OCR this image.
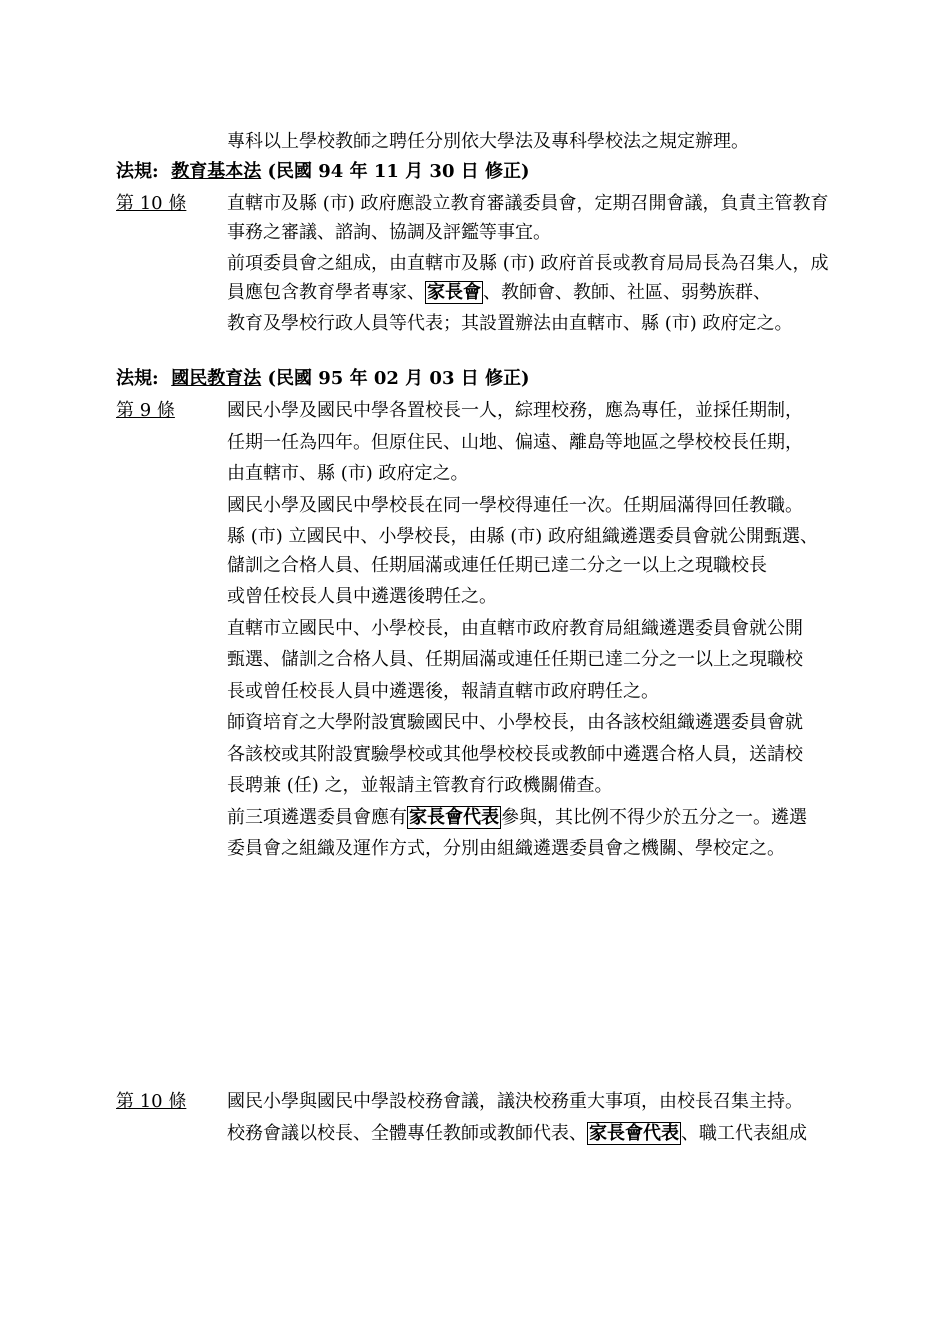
專科以上學校教師之聘任分別依大學法及專科學校法之規定辦理。
法規: 教育基本法 (民國 94 年 11 月 30 日 修正)
第 10 條 直轄市及縣 (市) 政府應設立教育審議委員會，定期召開會議，負責主管教育事務之審議、諮詢、協調及評鑑等事宜。

前項委員會之組成，由直轄市及縣 (市) 政府首長或教育局局長為召集人，成員應包含教育學者專家、 家長會 、教師會、教師、社區、弱勢族群、

教育及學校行政人員等代表；其設置辦法由直轄市、縣 (市) 政府定之。

法規: 國民教育法 (民國 95 年 02 月 03 日 修正)
第 9 條	國民小學及國民中學各置校長一人，綜理校務，應為專任，並採任期制，

任期一任為四年。但原住民、山地、偏遠、離島等地區之學校校長任期，

由直轄市、縣 (市) 政府定之。

國民小學及國民中學校長在同一學校得連任一次。任期屆滿得回任教職。

縣 (市) 立國民中、小學校長，由縣 (市) 政府組織遴選委員會就公開甄選、儲訓之合格人員、任期屆滿或連任任期已達二分之一以上之現職校長

或曾任校長人員中遴選後聘任之。

直轄市立國民中、小學校長，由直轄市政府教育局組織遴選委員會就公開

甄選、儲訓之合格人員、任期屆滿或連任任期已達二分之一以上之現職校

長或曾任校長人員中遴選後，報請直轄市政府聘任之。

師資培育之大學附設實驗國民中、小學校長，由各該校組織遴選委員會就

各該校或其附設實驗學校或其他學校校長或教師中遴選合格人員，送請校

長聘兼 (任) 之，並報請主管教育行政機關備查。

前三項遴選委員會應有 家長會代表 參與，其比例不得少於五分之一。遴選

委員會之組織及運作方式，分別由組織遴選委員會之機關、學校定之。

第 10 條 國民小學與國民中學設校務會議，議決校務重大事項，由校長召集主持。

校務會議以校長、全體專任教師或教師代表、 家長會代表 、職工代表組成
